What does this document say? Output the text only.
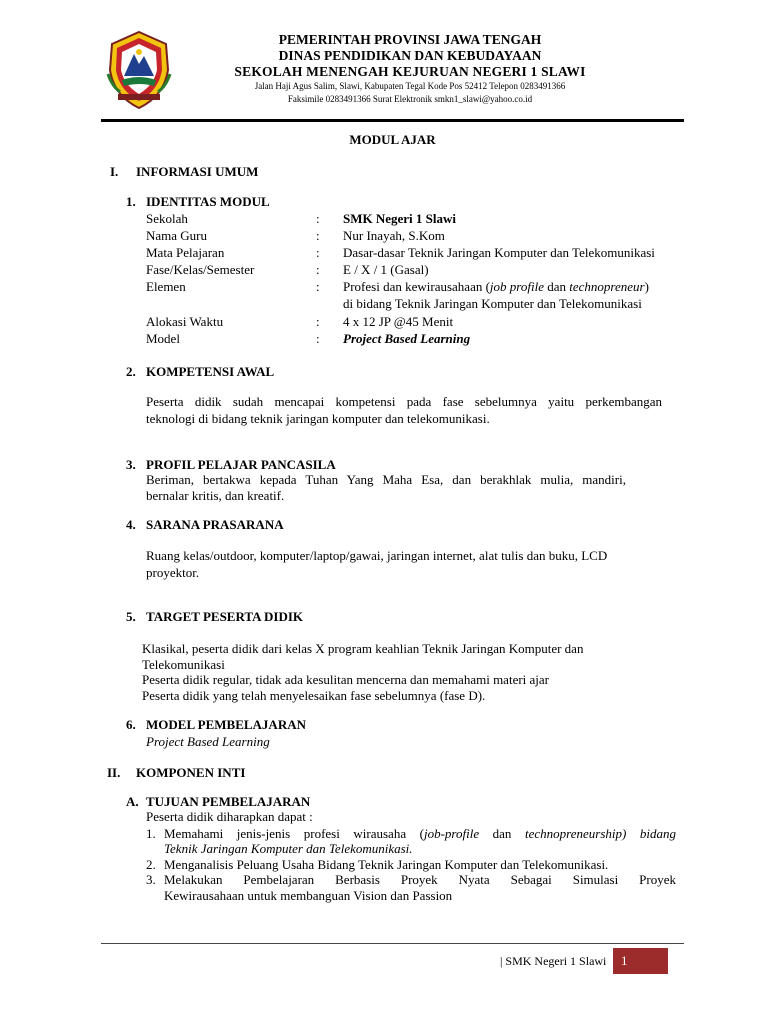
PEMERINTAH PROVINSI JAWA TENGAH
DINAS PENDIDIKAN DAN KEBUDAYAAN
SEKOLAH MENENGAH KEJURUAN NEGERI 1 SLAWI
Jalan Haji Agus Salim, Slawi, Kabupaten Tegal Kode Pos 52412 Telepon 0283491366
Faksimile 0283491366 Surat Elektronik smkn1_slawi@yahoo.co.id
MODUL AJAR
I. INFORMASI UMUM
1. IDENTITAS MODUL
Sekolah	: SMK Negeri 1 Slawi
Nama Guru	: Nur Inayah, S.Kom
Mata Pelajaran	: Dasar-dasar Teknik Jaringan Komputer dan Telekomunikasi
Fase/Kelas/Semester	: E / X / 1 (Gasal)
Elemen	: Profesi dan kewirausahaan (job profile dan technopreneur)
di bidang Teknik Jaringan Komputer dan Telekomunikasi
Alokasi Waktu	: 4 x 12 JP @45 Menit
Model	: Project Based Learning
2. KOMPETENSI AWAL
Peserta didik sudah mencapai kompetensi pada fase sebelumnya yaitu perkembangan
teknologi di bidang teknik jaringan komputer dan telekomunikasi.
3. PROFIL PELAJAR PANCASILA
Beriman, bertakwa kepada Tuhan Yang Maha Esa, dan berakhlak mulia, mandiri,
bernalar kritis, dan kreatif.
4. SARANA PRASARANA
Ruang kelas/outdoor, komputer/laptop/gawai, jaringan internet, alat tulis dan buku, LCD
proyektor.
5. TARGET PESERTA DIDIK
Klasikal, peserta didik dari kelas X program keahlian Teknik Jaringan Komputer dan
Telekomunikasi
Peserta didik regular, tidak ada kesulitan mencerna dan memahami materi ajar
Peserta didik yang telah menyelesaikan fase sebelumnya (fase D).
6. MODEL PEMBELAJARAN
Project Based Learning
II. KOMPONEN INTI
A. TUJUAN PEMBELAJARAN
Peserta didik diharapkan dapat :
1. Memahami jenis-jenis profesi wirausaha (job-profile dan technopreneurship) bidang
Teknik Jaringan Komputer dan Telekomunikasi.
2. Menganalisis Peluang Usaha Bidang Teknik Jaringan Komputer dan Telekomunikasi.
3. Melakukan Pembelajaran Berbasis Proyek Nyata Sebagai Simulasi Proyek
Kewirausahaan untuk membanguan Vision dan Passion
| SMK Negeri 1 Slawi 1
